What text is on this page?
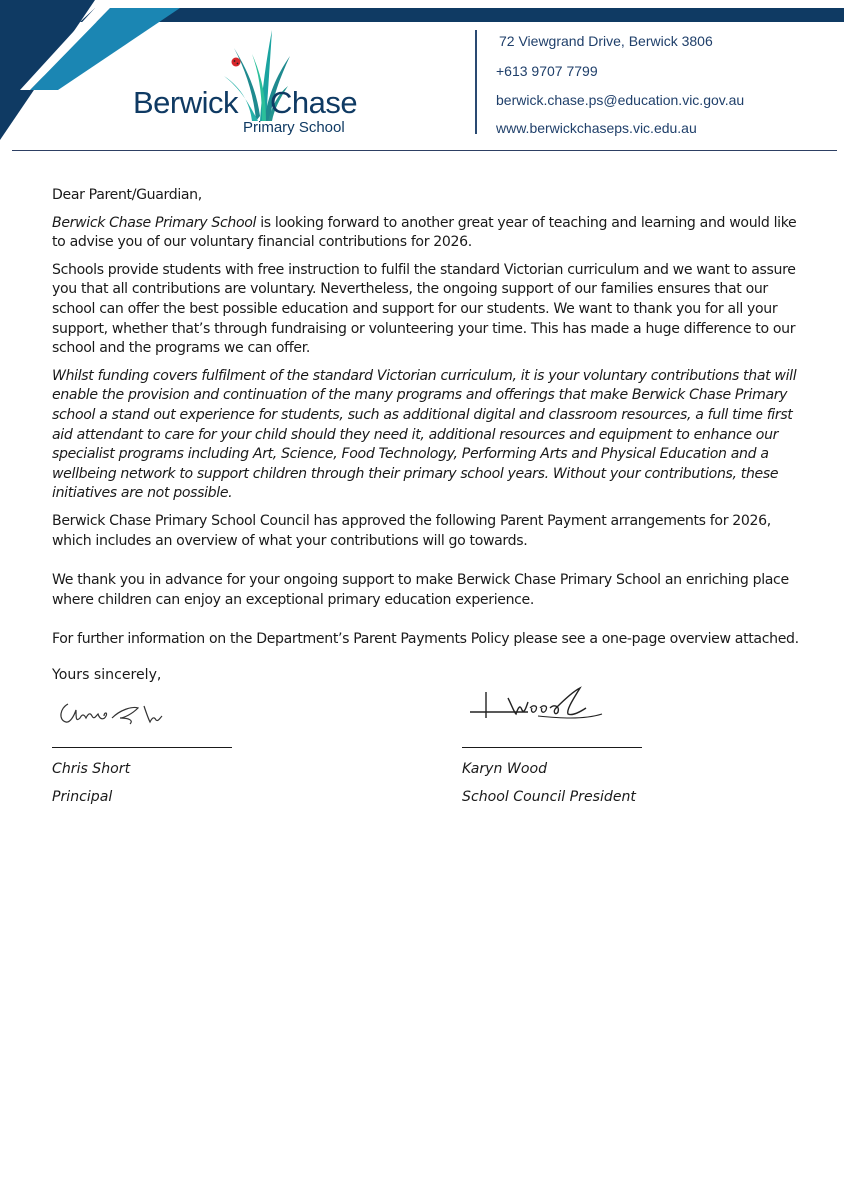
Berwick Chase
Primary School
72 Viewgrand Drive, Berwick 3806
+613 9707 7799
berwick.chase.ps@education.vic.gov.au
www.berwickchaseps.vic.edu.au

Dear Parent/Guardian,

Berwick Chase Primary School is looking forward to another great year of teaching and learning and would like to advise you of our voluntary financial contributions for 2026.

Schools provide students with free instruction to fulfil the standard Victorian curriculum and we want to assure you that all contributions are voluntary. Nevertheless, the ongoing support of our families ensures that our school can offer the best possible education and support for our students. We want to thank you for all your support, whether that’s through fundraising or volunteering your time. This has made a huge difference to our school and the programs we can offer.

Whilst funding covers fulfilment of the standard Victorian curriculum, it is your voluntary contributions that will enable the provision and continuation of the many programs and offerings that make Berwick Chase Primary school a stand out experience for students, such as additional digital and classroom resources, a full time first aid attendant to care for your child should they need it, additional resources and equipment to enhance our specialist programs including Art, Science, Food Technology, Performing Arts and Physical Education and a wellbeing network to support children through their primary school years. Without your contributions, these initiatives are not possible.

Berwick Chase Primary School Council has approved the following Parent Payment arrangements for 2026, which includes an overview of what your contributions will go towards.

We thank you in advance for your ongoing support to make Berwick Chase Primary School an enriching place where children can enjoy an exceptional primary education experience.

For further information on the Department’s Parent Payments Policy please see a one-page overview attached.

Yours sincerely,
Chris Short
Principal
Karyn Wood
School Council President
